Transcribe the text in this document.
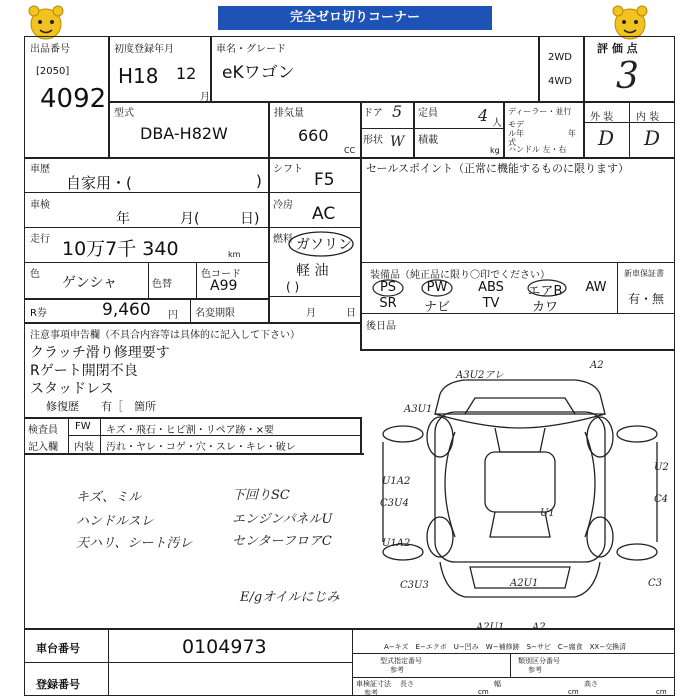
完全ゼロ切りコーナー
出品番号
[2050]
4092
初度登録年月
H18 12
月
車名・グレード
eKワゴン
2WD
4WD
評 価 点
3
型式
DBA-H82W
排気量
660
CC
ドア 5
形状 W
定員	4 人
積載
kg
ディーラー・並行
モデル年式
年
ハンドル 左・右
外 装 内 装
D D
車歴
自家用・(	)
シフト
F5
車検
年	月(	日)
冷房 AC
走行 10万7千 340	km
燃料 ガソリン
軽 油
( )
色
ゲンシャ	色替
色コード
A99
R券	9,460 円 名変期限	月	日
セールスポイント（正常に機能するものに限ります）
装備品（純正品に限り〇印でください）
PS	PW	ABS	エアB	AW
SR	ナビ	TV	カワ
新車保証書
有・無
後日品
注意事項申告欄（不具合内容等は具体的に記入して下さい）
クラッチ滑り修理要す
Rゲート開閉不良
スタッドレス
修復歴　　有［　箇所
検査員
記入欄
FW キズ・飛石・ヒビ割・リペア跡・×要
内装 汚れ・ヤレ・コゲ・穴・スレ・キレ・破レ
キズ、ミル
ハンドルスレ
天ハリ、シート汚レ
下回りSC
エンジンパネルU
センターフロアC
E/gオイルにじみ
A3U2アレ
A2
A3U1
U1A2
C3U4
U2
C4
U1
U1A2
A2U1	C3
C3U3
車台番号	0104973
登録番号
A−キズ　E−エクボ　U−凹み　W−補修跡　S−サビ　C−腐食　XX−交換済
型式指定番号
参考
類別区分番号
参考
車検証寸法
参考
長さ
cm
幅
cm
高さ
cm
